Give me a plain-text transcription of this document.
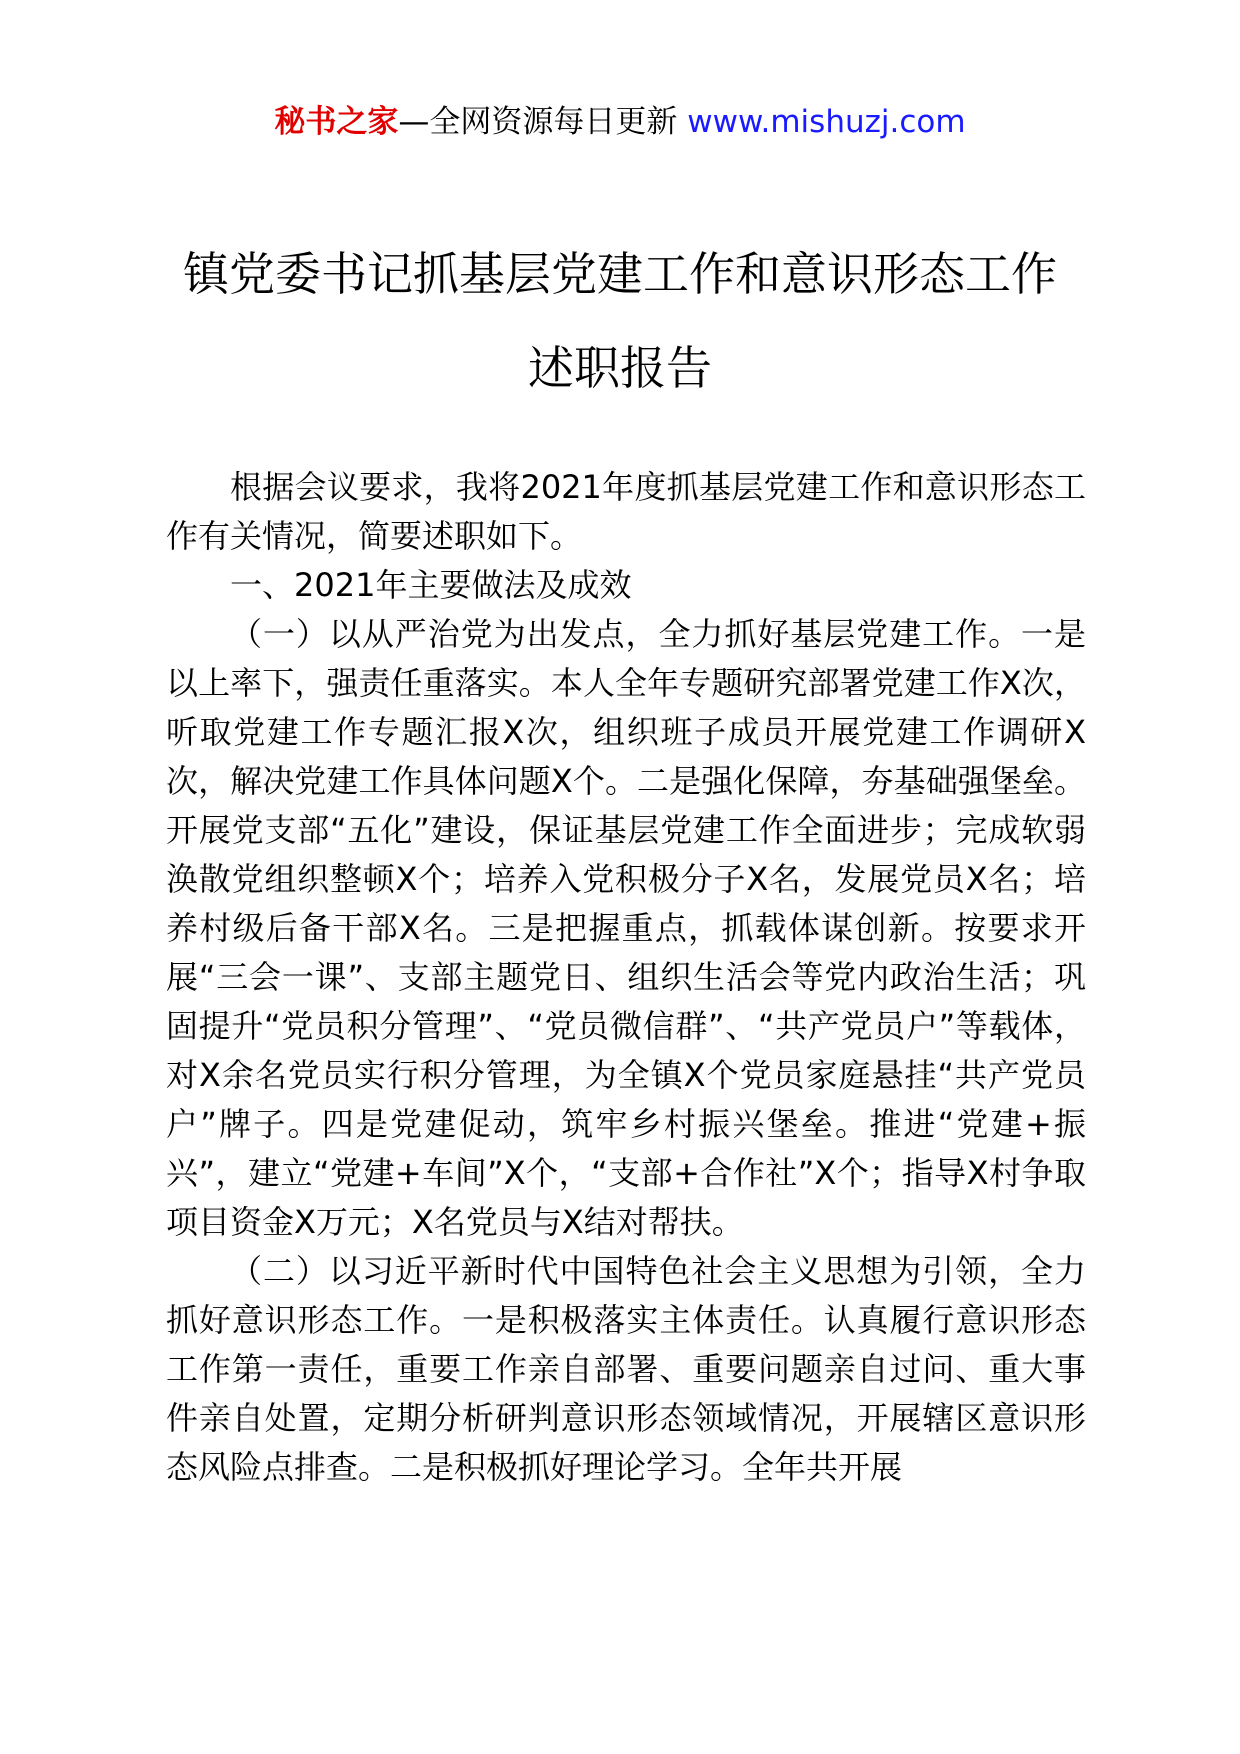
秘书之家—全网资源每日更新 www.mishuzj.com
镇党委书记抓基层党建工作和意识形态工作
述职报告

根据会议要求，我将2021年度抓基层党建工作和意识形态工作有关情况，简要述职如下。

一、2021年主要做法及成效

（一）以从严治党为出发点，全力抓好基层党建工作。一是以上率下，强责任重落实。本人全年专题研究部署党建工作X次，听取党建工作专题汇报X次，组织班子成员开展党建工作调研X次，解决党建工作具体问题X个。二是强化保障，夯基础强堡垒。开展党支部“五化”建设，保证基层党建工作全面进步；完成软弱涣散党组织整顿X个；培养入党积极分子X名，发展党员X名；培养村级后备干部X名。三是把握重点，抓载体谋创新。按要求开展“三会一课”、支部主题党日、组织生活会等党内政治生活；巩固提升“党员积分管理”、“党员微信群”、“共产党员户”等载体，对X余名党员实行积分管理，为全镇X个党员家庭悬挂“共产党员户”牌子。四是党建促动，筑牢乡村振兴堡垒。推进“党建+振兴”，建立“党建+车间”X个，“支部+合作社”X个；指导X村争取项目资金X万元；X名党员与X结对帮扶。

（二）以习近平新时代中国特色社会主义思想为引领，全力抓好意识形态工作。一是积极落实主体责任。认真履行意识形态工作第一责任，重要工作亲自部署、重要问题亲自过问、重大事件亲自处置，定期分析研判意识形态领域情况，开展辖区意识形态风险点排查。二是积极抓好理论学习。全年共开展
